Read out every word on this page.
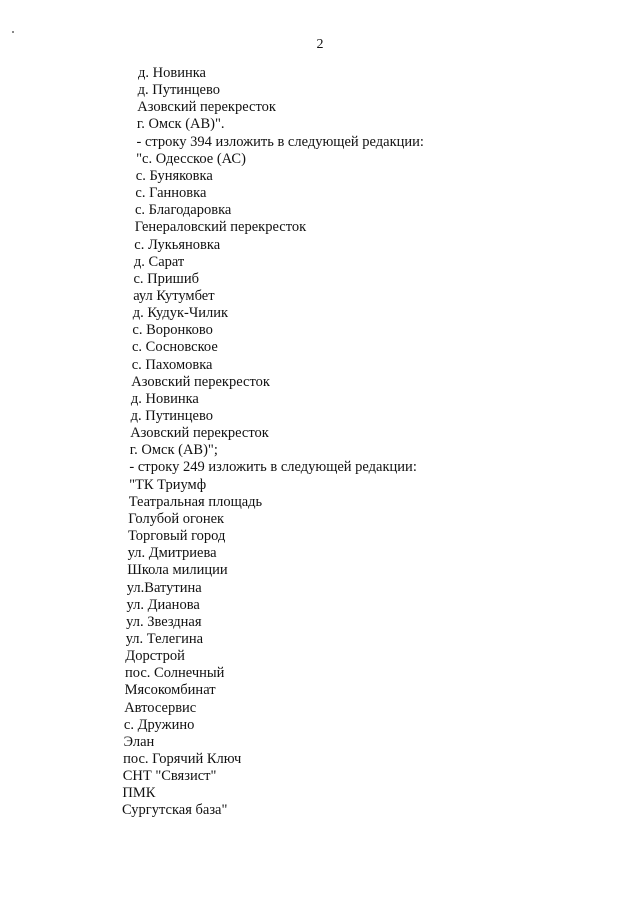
2
д. Новинка
д. Путинцево
Азовский перекресток
г. Омск (АВ)".
- строку 394 изложить в следующей редакции:
"с. Одесское (АС)
с. Буняковка
с. Ганновка
с. Благодаровка
Генераловский перекресток
с. Лукьяновка
д. Сарат
с. Пришиб
аул Кутумбет
д. Кудук-Чилик
с. Воронково
с. Сосновское
с. Пахомовка
Азовский перекресток
д. Новинка
д. Путинцево
Азовский перекресток
г. Омск (АВ)";
- строку 249 изложить в следующей редакции:
"ТК Триумф
Театральная площадь
Голубой огонек
Торговый город
ул. Дмитриева
Школа милиции
ул.Ватутина
ул. Дианова
ул. Звездная
ул. Телегина
Дорстрой
пос. Солнечный
Мясокомбинат
Автосервис
с. Дружино
Элан
пос. Горячий Ключ
СНТ "Связист"
ПМК
Сургутская база"
